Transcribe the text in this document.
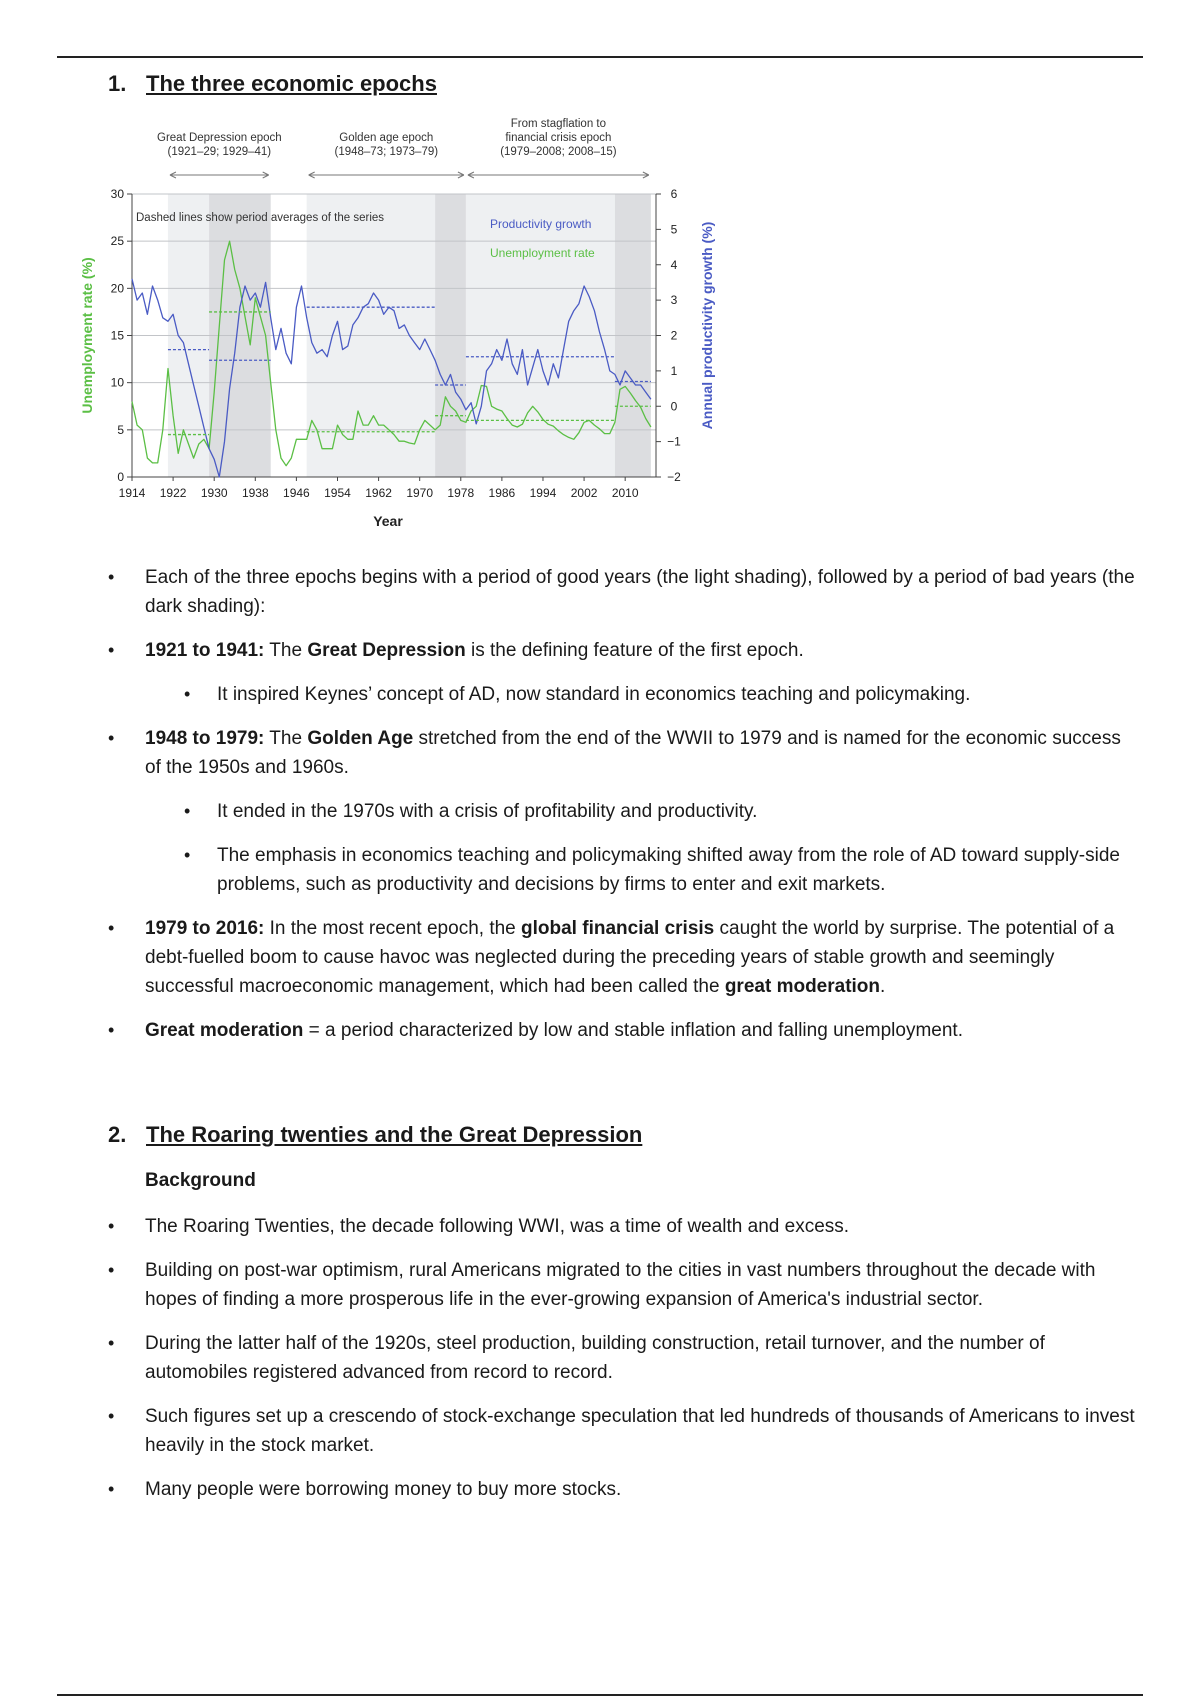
1. The three economic epochs

0
5
10
15
20
25
30
−2
−1
0
1
2
3
4
5
6
1914 1922 1930 1938 1946 1954 1962 1970 1978 1986 1994 2002 2010
Year
Unemployment rate (%)	Annual productivity growth (%)
Great Depression epoch
(1921–29; 1929–41)
Golden age epoch
(1948–73; 1973–79)
From stagflation to
financial crisis epoch
(1979–2008; 2008–15)
Dashed lines show period averages of the series	Productivity growth
Unemployment rate
• Each of the three epochs begins with a period of good years (the light shading), followed by a period of bad years (the dark shading):
• 1921 to 1941: The Great Depression is the defining feature of the first epoch.
• It inspired Keynes’ concept of AD, now standard in economics teaching and policymaking.
• 1948 to 1979: The Golden Age stretched from the end of the WWII to 1979 and is named for the economic success of the 1950s and 1960s.
• It ended in the 1970s with a crisis of profitability and productivity.
• The emphasis in economics teaching and policymaking shifted away from the role of AD toward supply-side problems, such as productivity and decisions by firms to enter and exit markets.
• 1979 to 2016: In the most recent epoch, the global financial crisis caught the world by surprise. The potential of a debt-fuelled boom to cause havoc was neglected during the preceding years of stable growth and seemingly successful macroeconomic management, which had been called the great moderation.
• Great moderation = a period characterized by low and stable inflation and falling unemployment.

2. The Roaring twenties and the Great Depression

Background
• The Roaring Twenties, the decade following WWI, was a time of wealth and excess.
• Building on post-war optimism, rural Americans migrated to the cities in vast numbers throughout the decade with hopes of finding a more prosperous life in the ever-growing expansion of America's industrial sector.
• During the latter half of the 1920s, steel production, building construction, retail turnover, and the number of automobiles registered advanced from record to record.
• Such figures set up a crescendo of stock-exchange speculation that led hundreds of thousands of Americans to invest heavily in the stock market.
• Many people were borrowing money to buy more stocks.
